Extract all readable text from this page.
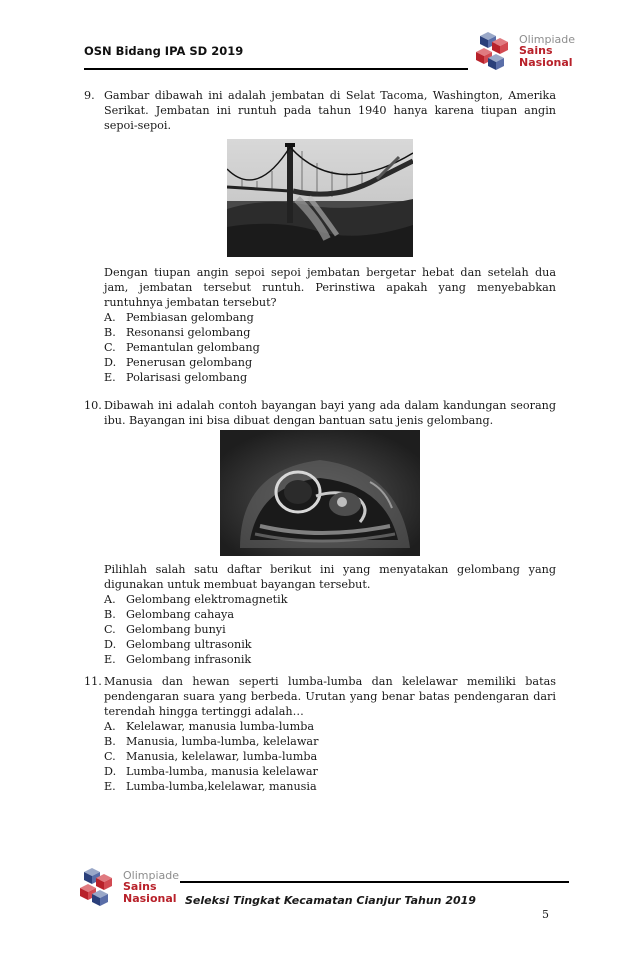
OSN Bidang IPA SD 2019
Olimpiade
Sains
Nasional
9. Gambar dibawah ini adalah jembatan di Selat Tacoma, Washington, Amerika Serikat. Jembatan ini runtuh pada tahun 1940 hanya karena tiupan angin sepoi-sepoi.
Dengan tiupan angin sepoi sepoi jembatan bergetar hebat dan setelah dua jam, jembatan tersebut runtuh. Perinstiwa apakah yang menyebabkan runtuhnya jembatan tersebut?
A. Pembiasan gelombang
B. Resonansi gelombang
C. Pemantulan gelombang
D. Penerusan gelombang
E. Polarisasi gelombang
10. Dibawah ini adalah contoh bayangan bayi yang ada dalam kandungan seorang ibu. Bayangan ini bisa dibuat dengan bantuan satu jenis gelombang.
Pilihlah salah satu daftar berikut ini yang menyatakan gelombang yang digunakan untuk membuat bayangan tersebut.
A. Gelombang elektromagnetik
B. Gelombang cahaya
C. Gelombang bunyi
D. Gelombang ultrasonik
E. Gelombang infrasonik
11. Manusia dan hewan seperti lumba-lumba dan kelelawar memiliki batas pendengaran suara yang berbeda. Urutan yang benar batas pendengaran dari terendah hingga tertinggi adalah…
A. Kelelawar, manusia lumba-lumba
B. Manusia, lumba-lumba, kelelawar
C. Manusia, kelelawar, lumba-lumba
D. Lumba-lumba, manusia kelelawar
E. Lumba-lumba,kelelawar, manusia
Olimpiade
Sains
Nasional Seleksi Tingkat Kecamatan Cianjur Tahun 2019
5
